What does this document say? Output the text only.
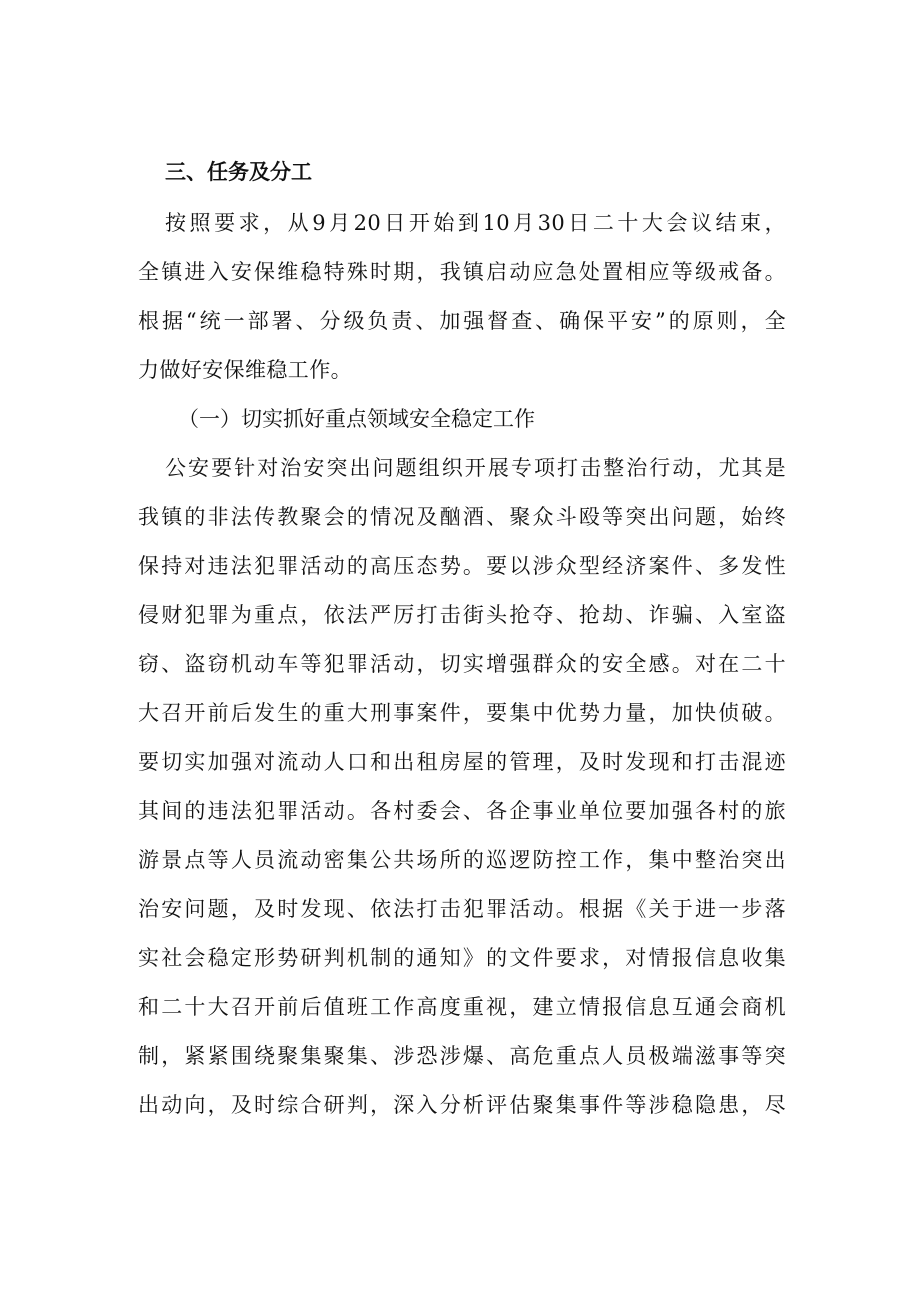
三、任务及分工
按照要求，从9月20日开始到10月30日二十大会议结束，
全镇进入安保维稳特殊时期，我镇启动应急处置相应等级戒备。
根据“统一部署、分级负责、加强督查、确保平安”的原则，全
力做好安保维稳工作。
（一）切实抓好重点领域安全稳定工作
公安要针对治安突出问题组织开展专项打击整治行动，尤其是
我镇的非法传教聚会的情况及酗酒、聚众斗殴等突出问题，始终
保持对违法犯罪活动的高压态势。要以涉众型经济案件、多发性
侵财犯罪为重点，依法严厉打击街头抢夺、抢劫、诈骗、入室盗
窃、盗窃机动车等犯罪活动，切实增强群众的安全感。对在二十
大召开前后发生的重大刑事案件，要集中优势力量，加快侦破。
要切实加强对流动人口和出租房屋的管理，及时发现和打击混迹
其间的违法犯罪活动。各村委会、各企事业单位要加强各村的旅
游景点等人员流动密集公共场所的巡逻防控工作，集中整治突出
治安问题，及时发现、依法打击犯罪活动。根据《关于进一步落
实社会稳定形势研判机制的通知》的文件要求，对情报信息收集
和二十大召开前后值班工作高度重视，建立情报信息互通会商机
制，紧紧围绕聚集聚集、涉恐涉爆、高危重点人员极端滋事等突
出动向，及时综合研判，深入分析评估聚集事件等涉稳隐患，尽
